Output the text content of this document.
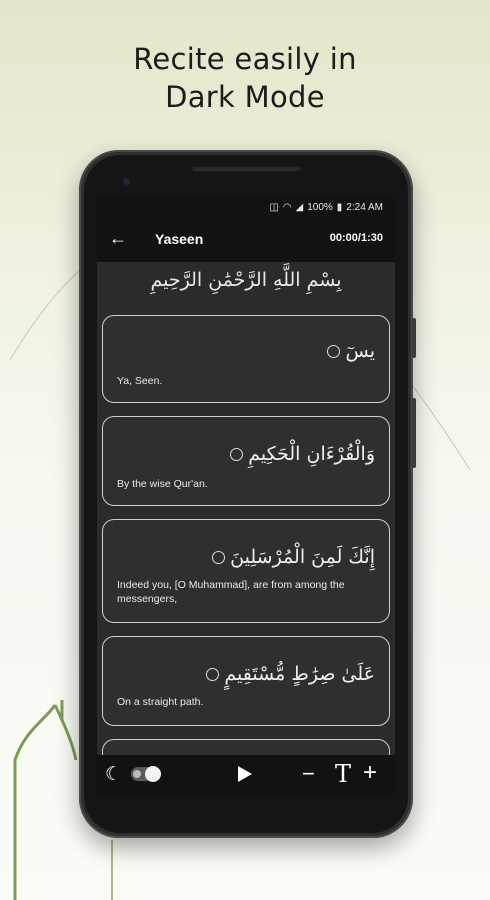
Recite easily in
Dark Mode
◫ ◠ ◢ 100% ▮ 2:24 AM
← Yaseen	00:00/1:30
بِسْمِ اللَّهِ الرَّحْمَٰنِ الرَّحِيمِ
يسٓ
Ya, Seen.
وَالْقُرْءَانِ الْحَكِيمِ
By the wise Qur'an.
إِنَّكَ لَمِنَ الْمُرْسَلِينَ
Indeed you, [O Muhammad], are from among the messengers,
عَلَىٰ صِرَٰطٍ مُّسْتَقِيمٍ
On a straight path.
☾	− T +
